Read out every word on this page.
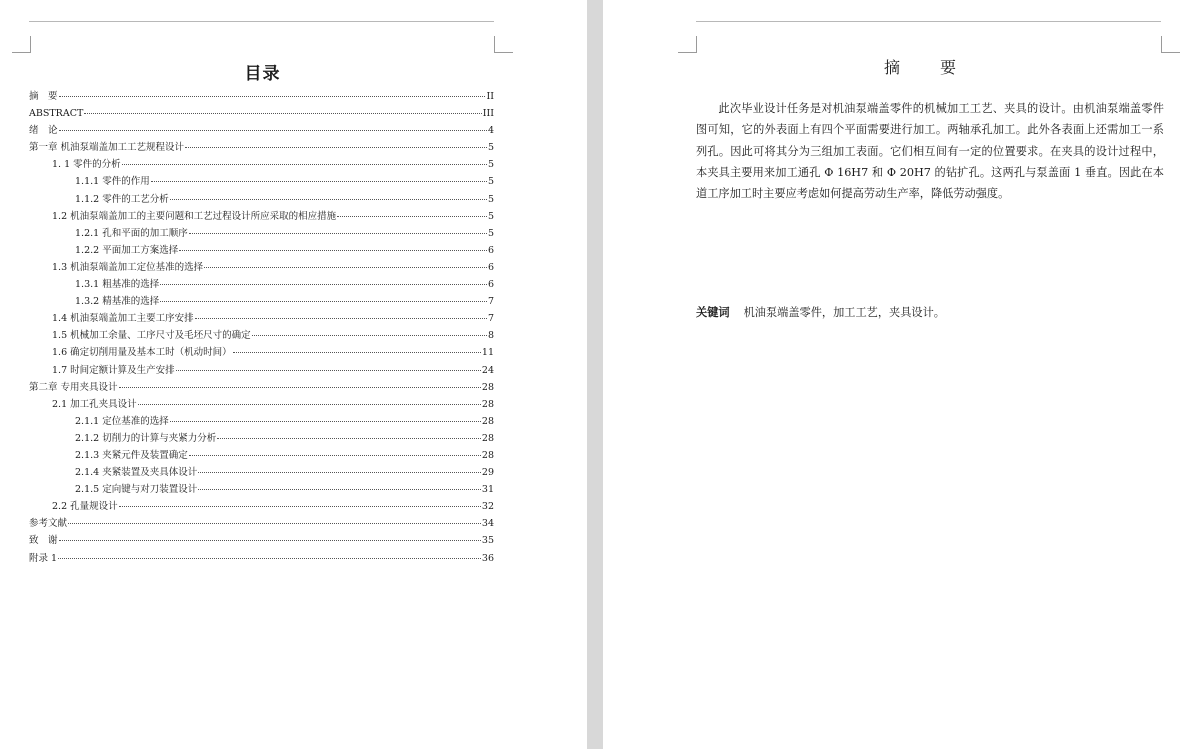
目录
摘　要	II
ABSTRACT	III
绪　论	4
第一章 机油泵端盖加工工艺规程设计	5
1. 1 零件的分析	5
1.1.1 零件的作用	5
1.1.2 零件的工艺分析	5
1.2 机油泵端盖加工的主要问题和工艺过程设计所应采取的相应措施	5
1.2.1 孔和平面的加工顺序	5
1.2.2 平面加工方案选择	6
1.3 机油泵端盖加工定位基准的选择	6
1.3.1 粗基准的选择	6
1.3.2 精基准的选择	7
1.4 机油泵端盖加工主要工序安排	7
1.5 机械加工余量、工序尺寸及毛坯尺寸的确定	8
1.6 确定切削用量及基本工时（机动时间）	11
1.7 时间定额计算及生产安排	24
第二章 专用夹具设计	28
2.1 加工孔夹具设计	28
2.1.1 定位基准的选择	28
2.1.2 切削力的计算与夹紧力分析	28
2.1.3 夹紧元件及装置确定	28
2.1.4 夹紧装置及夹具体设计	29
2.1.5 定向键与对刀装置设计	31
2.2 孔量规设计	32
参考文献	34
致　谢	35
附录 1	36
摘　要

此次毕业设计任务是对机油泵端盖零件的机械加工工艺、夹具的设计。由机油泵端盖零件图可知，它的外表面上有四个平面需要进行加工。两轴承孔加工。此外各表面上还需加工一系列孔。因此可将其分为三组加工表面。它们相互间有一定的位置要求。在夹具的设计过程中，本夹具主要用来加工通孔 Φ 16H7 和 Φ 20H7 的钻扩孔。这两孔与泵盖面 1 垂直。因此在本道工序加工时主要应考虑如何提高劳动生产率，降低劳动强度。

关键词 机油泵端盖零件，加工工艺，夹具设计。
